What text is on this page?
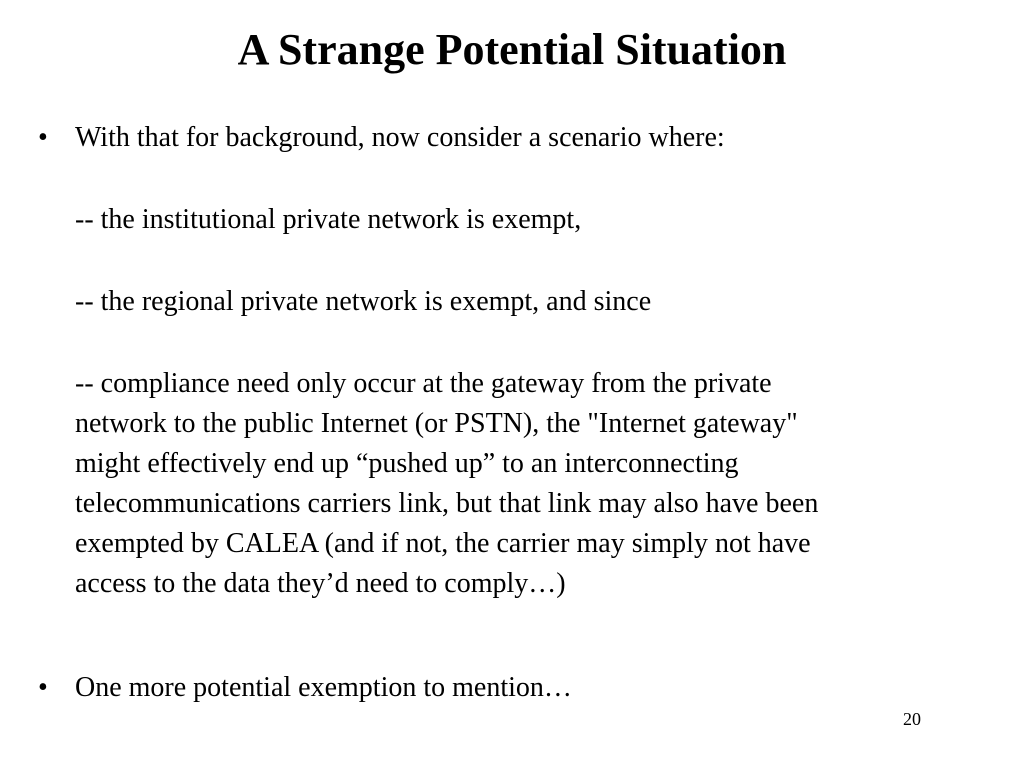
A Strange Potential Situation
• With that for background, now consider a scenario where:
-- the institutional private network is exempt,
-- the regional private network is exempt, and since
-- compliance need only occur at the gateway from the private
network to the public Internet (or PSTN), the "Internet gateway"
might effectively end up “pushed up” to an interconnecting
telecommunications carriers link, but that link may also have been
exempted by CALEA (and if not, the carrier may simply not have
access to the data they’d need to comply…)
• One more potential exemption to mention…
20
